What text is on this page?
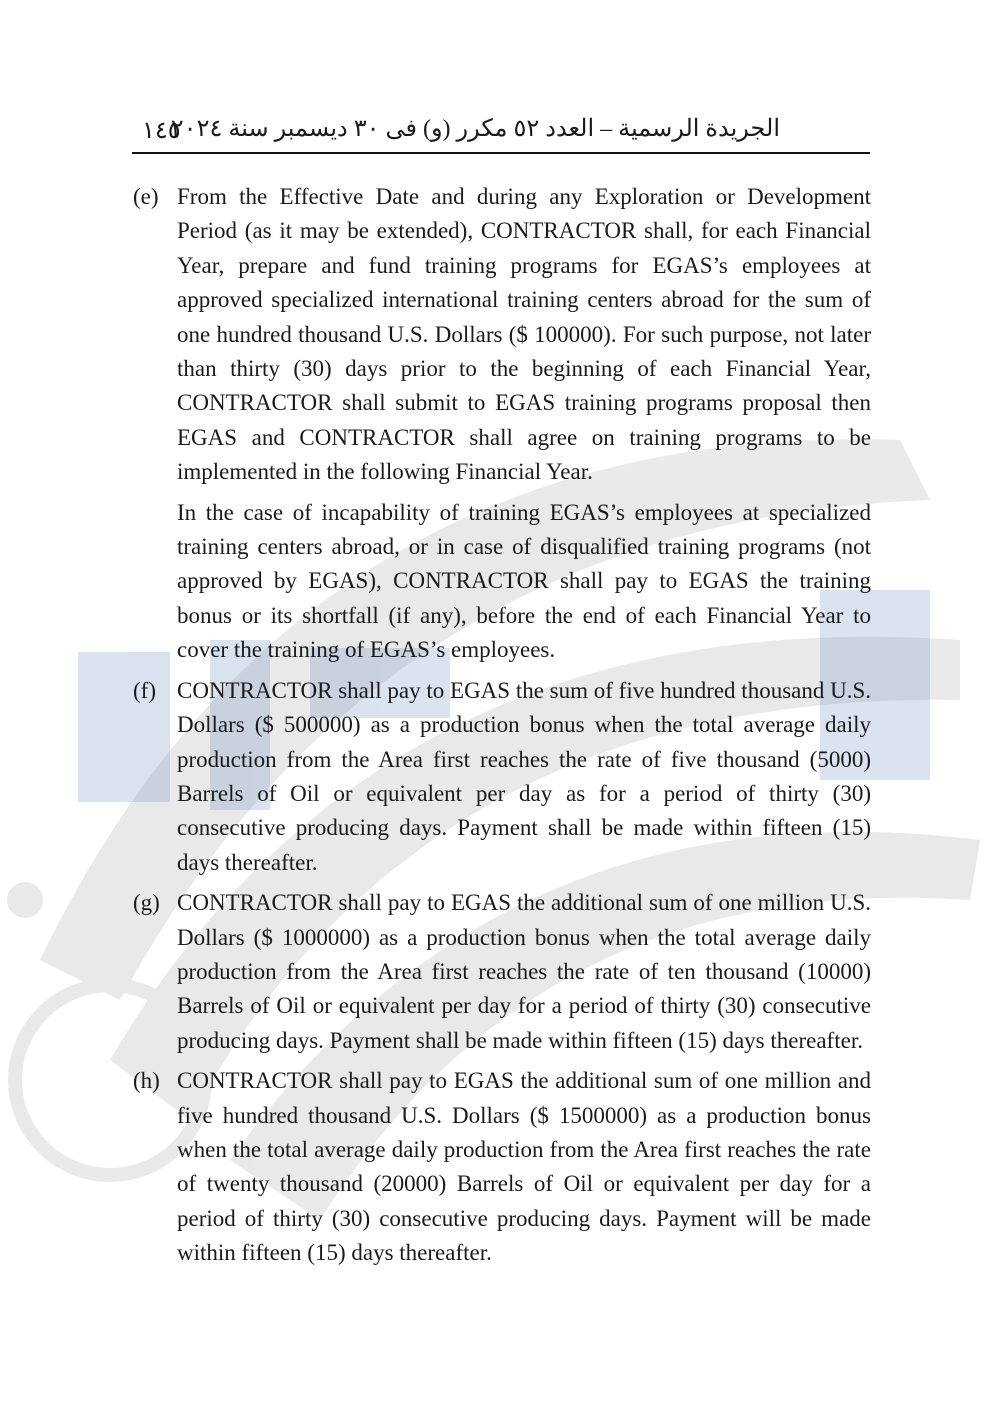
١٤٥
الجريدة الرسمية – العدد ٥٢ مكرر (و) فى ٣٠ ديسمبر سنة ٢٠٢٤
(e) From the Effective Date and during any Exploration or Development Period (as it may be extended), CONTRACTOR shall, for each Financial Year, prepare and fund training programs for EGAS’s employees at approved specialized international training centers abroad for the sum of one hundred thousand U.S. Dollars ($ 100000). For such purpose, not later than thirty (30) days prior to the beginning of each Financial Year, CONTRACTOR shall submit to EGAS training programs proposal then EGAS and CONTRACTOR shall agree on training programs to be implemented in the following Financial Year.

In the case of incapability of training EGAS’s employees at specialized training centers abroad, or in case of disqualified training programs (not approved by EGAS), CONTRACTOR shall pay to EGAS the training bonus or its shortfall (if any), before the end of each Financial Year to cover the training of EGAS’s employees.

(f) CONTRACTOR shall pay to EGAS the sum of five hundred thousand U.S. Dollars ($ 500000) as a production bonus when the total average daily production from the Area first reaches the rate of five thousand (5000) Barrels of Oil or equivalent per day as for a period of thirty (30) consecutive producing days. Payment shall be made within fifteen (15) days thereafter.

(g) CONTRACTOR shall pay to EGAS the additional sum of one million U.S. Dollars ($ 1000000) as a production bonus when the total average daily production from the Area first reaches the rate of ten thousand (10000) Barrels of Oil or equivalent per day for a period of thirty (30) consecutive producing days. Payment shall be made within fifteen (15) days thereafter.

(h) CONTRACTOR shall pay to EGAS the additional sum of one million and five hundred thousand U.S. Dollars ($ 1500000) as a production bonus when the total average daily production from the Area first reaches the rate of twenty thousand (20000) Barrels of Oil or equivalent per day for a period of thirty (30) consecutive producing days. Payment will be made within fifteen (15) days thereafter.
